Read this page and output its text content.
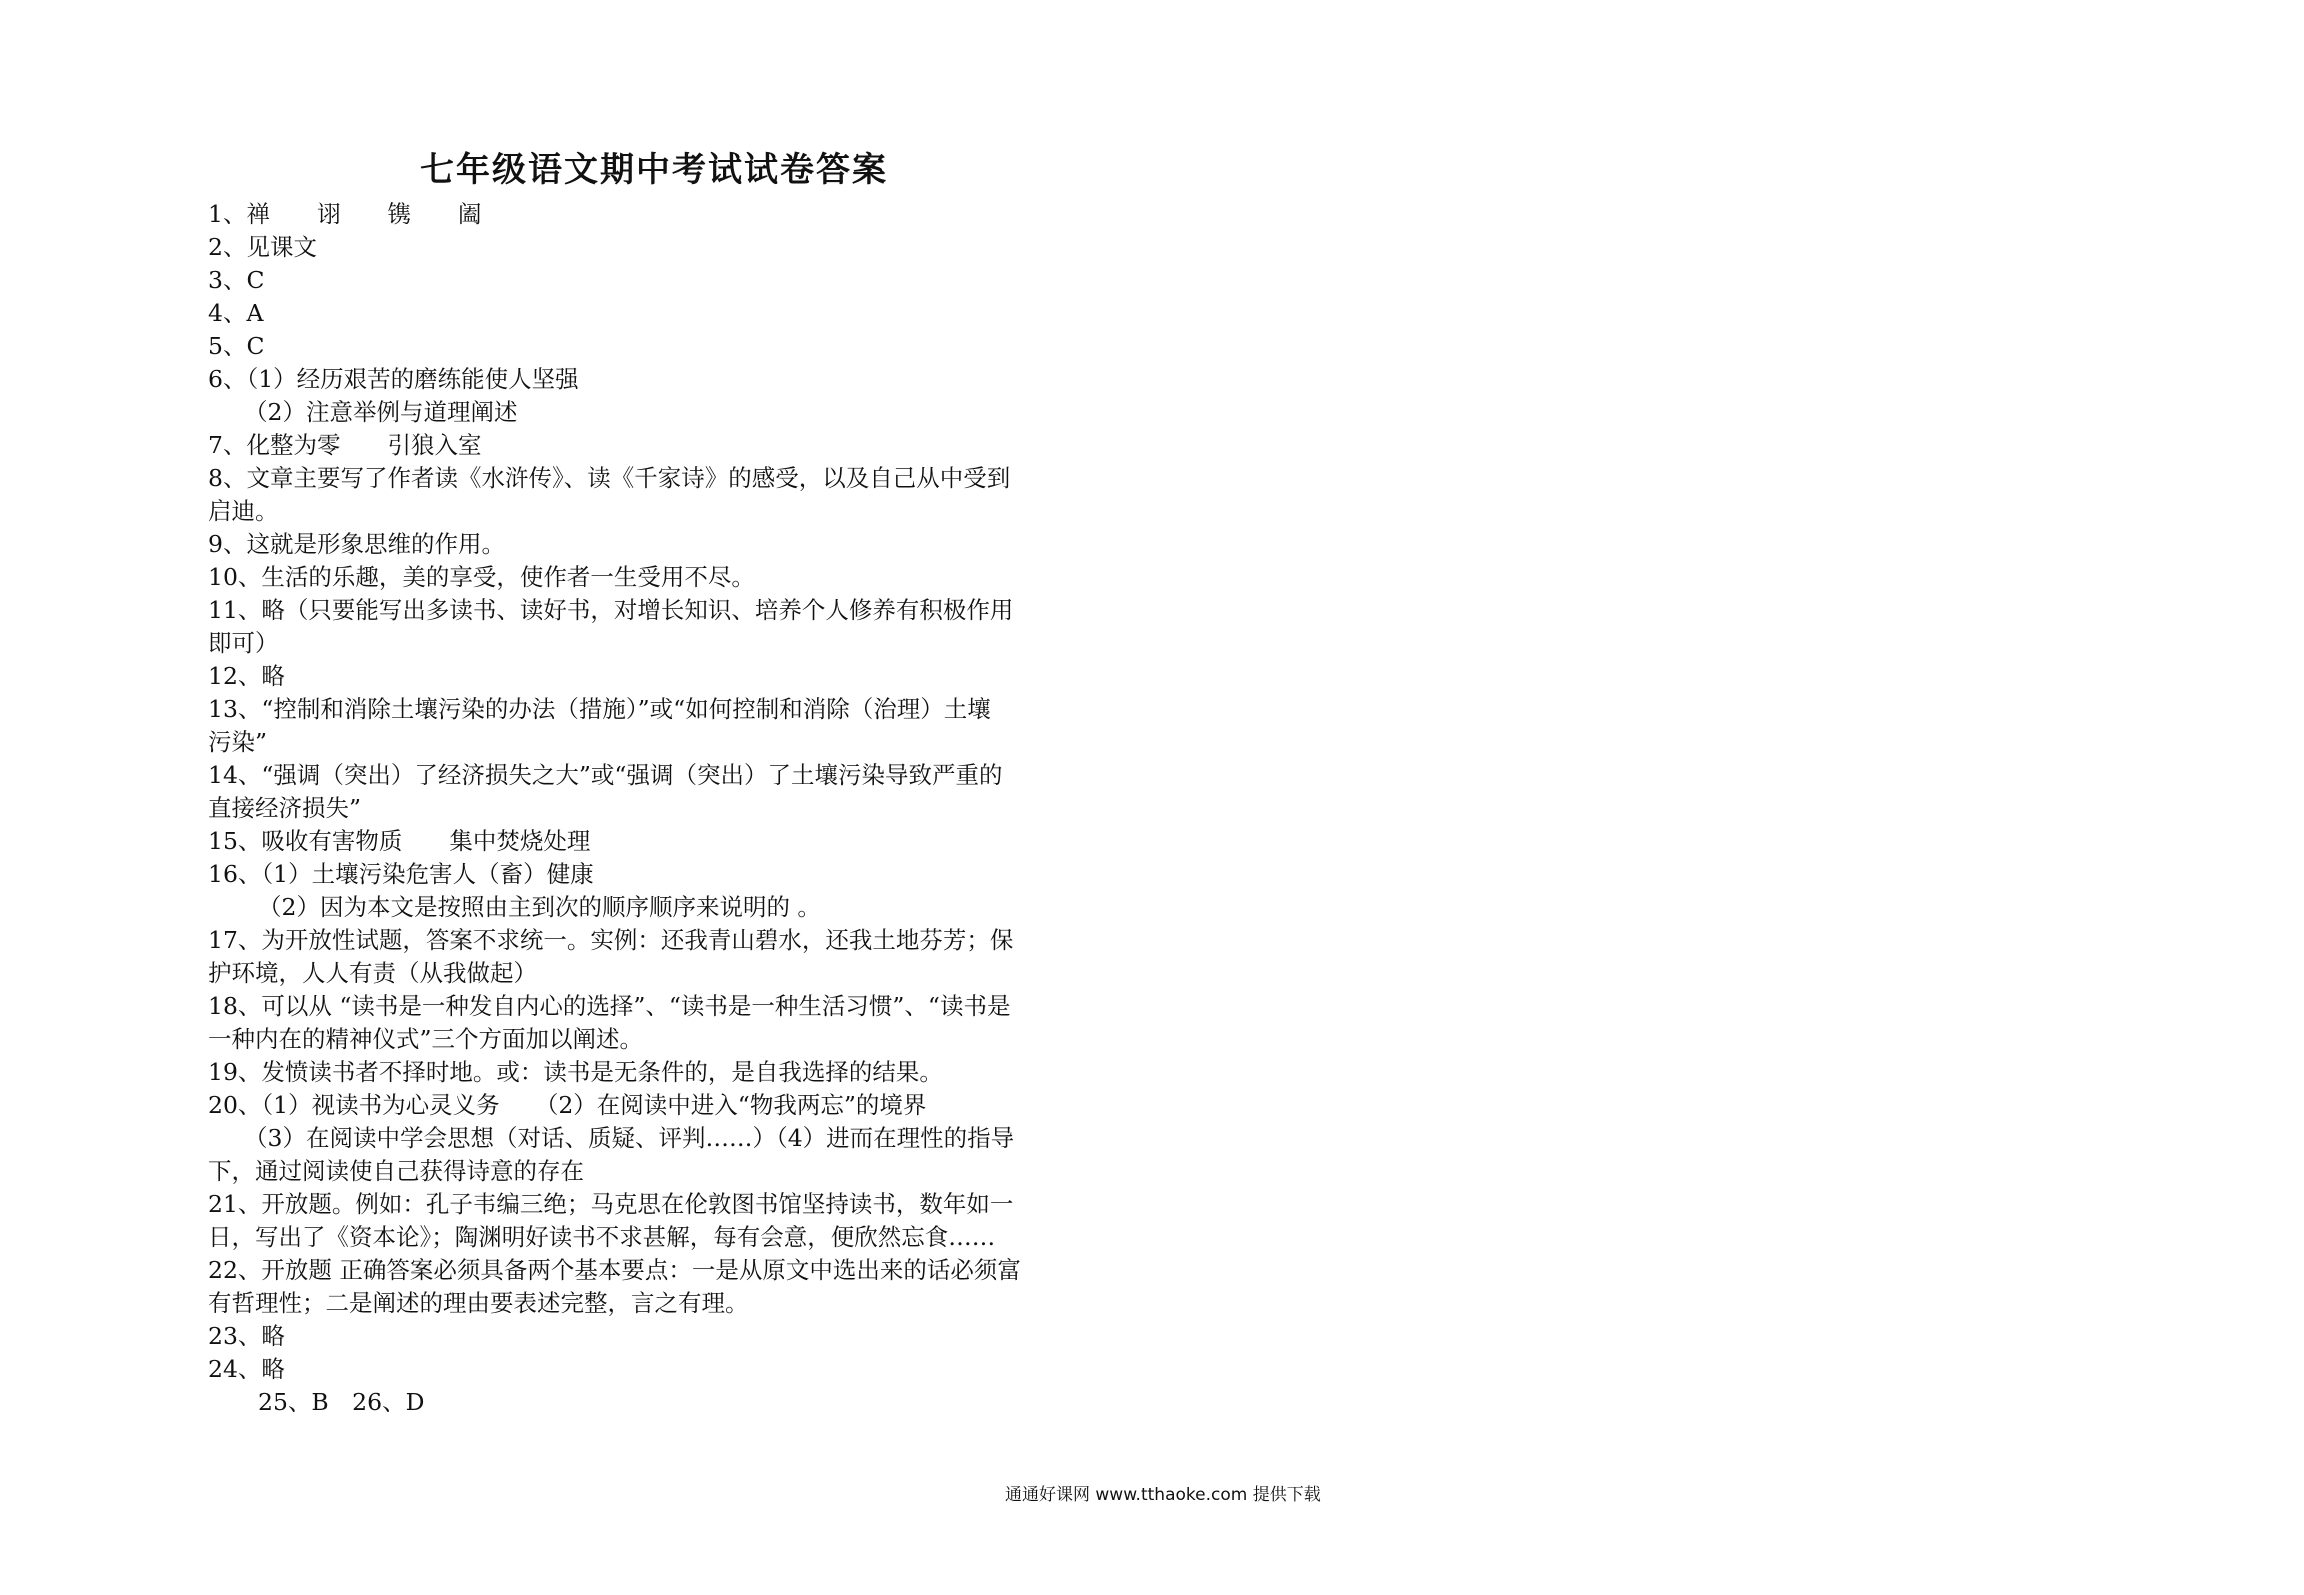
七年级语文期中考试试卷答案
1、禅　　诩　　镌　　阖
2、见课文
3、C
4、A
5、C
6、（1）经历艰苦的磨练能使人坚强
（2）注意举例与道理阐述
7、化整为零　　引狼入室
8、文章主要写了作者读《水浒传》、读《千家诗》的感受，以及自己从中受到
启迪。
9、这就是形象思维的作用。
10、生活的乐趣，美的享受，使作者一生受用不尽。
11、略（只要能写出多读书、读好书，对增长知识、培养个人修养有积极作用
即可）
12、略
13、“控制和消除土壤污染的办法（措施）”或“如何控制和消除（治理）土壤
污染”
14、“强调（突出）了经济损失之大”或“强调（突出）了土壤污染导致严重的
直接经济损失”
15、吸收有害物质　　集中焚烧处理
16、（1）土壤污染危害人（畜）健康
（2）因为本文是按照由主到次的顺序顺序来说明的 。
17、为开放性试题，答案不求统一。实例：还我青山碧水，还我土地芬芳；保
护环境，人人有责（从我做起）
18、可以从 “读书是一种发自内心的选择”、“读书是一种生活习惯”、“读书是
一种内在的精神仪式”三个方面加以阐述。
19、发愤读书者不择时地。或：读书是无条件的，是自我选择的结果。
20、（1）视读书为心灵义务　　（2）在阅读中进入“物我两忘”的境界
（3）在阅读中学会思想（对话、质疑、评判……）（4）进而在理性的指导
下，通过阅读使自己获得诗意的存在
21、开放题。例如：孔子韦编三绝；马克思在伦敦图书馆坚持读书，数年如一
日，写出了《资本论》；陶渊明好读书不求甚解，每有会意，便欣然忘食……
22、开放题 正确答案必须具备两个基本要点：一是从原文中选出来的话必须富
有哲理性；二是阐述的理由要表述完整，言之有理。
23、略
24、略
25、B　26、D
通通好课网 www.tthaoke.com 提供下载
